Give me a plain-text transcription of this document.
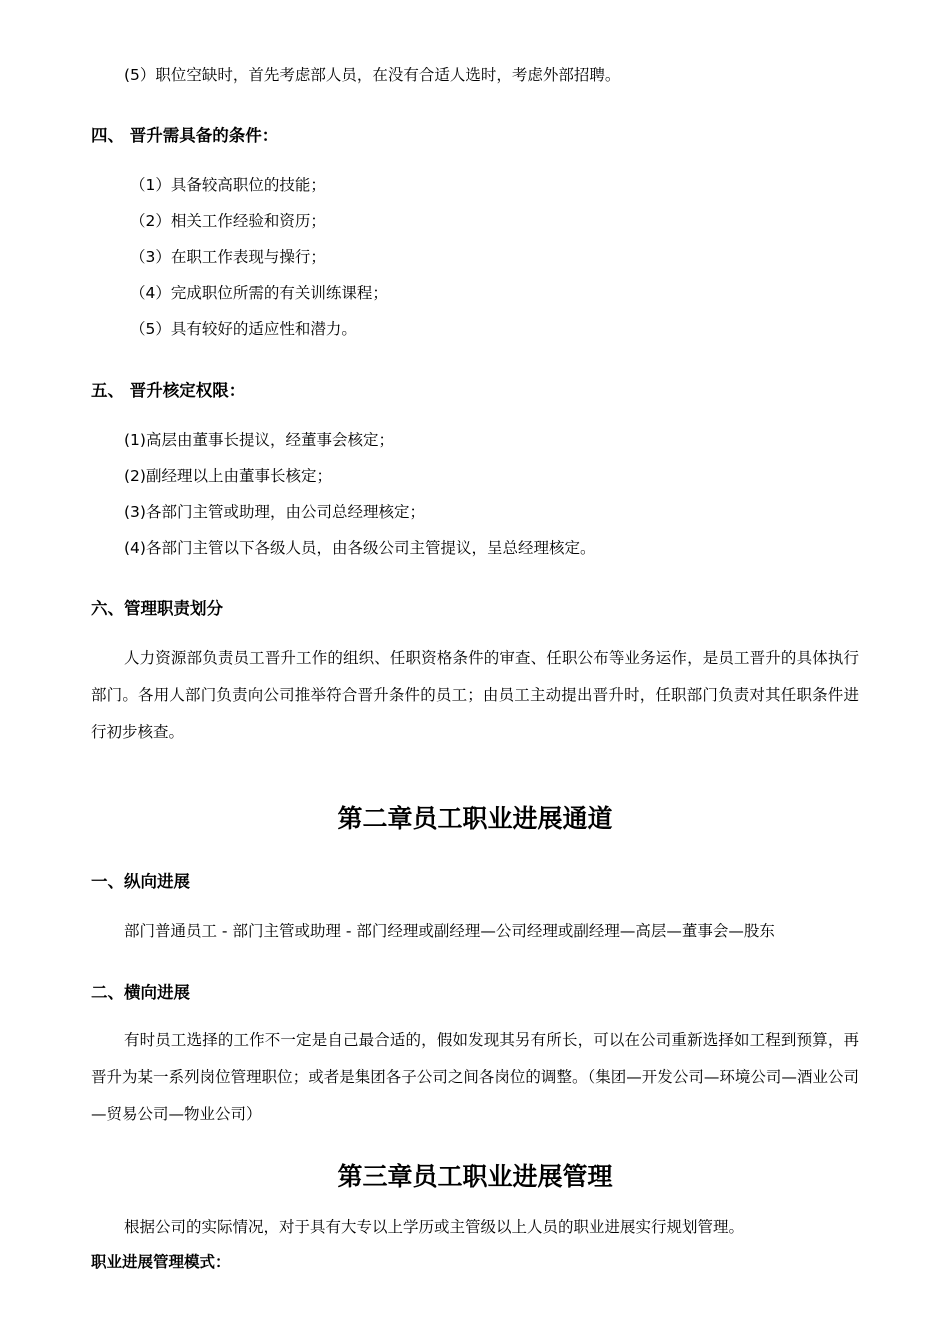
(5）职位空缺时，首先考虑部人员，在没有合适人选时，考虑外部招聘。
四、 晋升需具备的条件：
（1）具备较高职位的技能；
（2）相关工作经验和资历；
（3）在职工作表现与操行；
（4）完成职位所需的有关训练课程；
（5）具有较好的适应性和潜力。
五、 晋升核定权限：
(1)高层由董事长提议，经董事会核定；
(2)副经理以上由董事长核定；
(3)各部门主管或助理，由公司总经理核定；
(4)各部门主管以下各级人员，由各级公司主管提议，呈总经理核定。
六、管理职责划分
人力资源部负责员工晋升工作的组织、任职资格条件的审查、任职公布等业务运作，是员工晋升的具体执行部门。各用人部门负责向公司推举符合晋升条件的员工；由员工主动提出晋升时，任职部门负责对其任职条件进行初步核查。
第二章员工职业进展通道
一、纵向进展
部门普通员工 - 部门主管或助理 - 部门经理或副经理—公司经理或副经理—高层—董事会—股东
二、横向进展
有时员工选择的工作不一定是自己最合适的，假如发现其另有所长，可以在公司重新选择如工程到预算，再晋升为某一系列岗位管理职位；或者是集团各子公司之间各岗位的调整。（集团—开发公司—环境公司—酒业公司—贸易公司—物业公司）
第三章员工职业进展管理
根据公司的实际情况，对于具有大专以上学历或主管级以上人员的职业进展实行规划管理。
职业进展管理模式：
